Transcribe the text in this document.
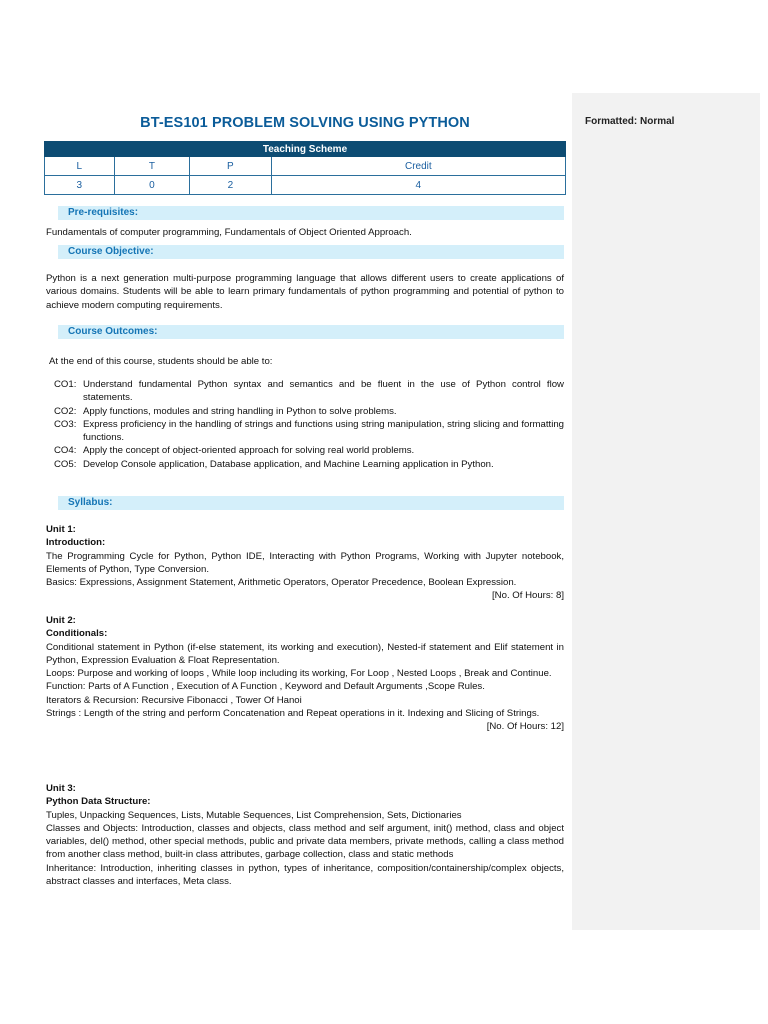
Formatted: Normal
BT-ES101 PROBLEM SOLVING USING PYTHON
Teaching Scheme			
L	T	P	Credit
3	0	2	4
Pre-requisites:
Fundamentals of computer programming, Fundamentals of Object Oriented Approach.
Course Objective:
Python is a next generation multi-purpose programming language that allows different users to create applications of various domains. Students will be able to learn primary fundamentals of python programming and potential of python to achieve modern computing requirements.
Course Outcomes:
At the end of this course, students should be able to:
CO1: Understand fundamental Python syntax and semantics and be fluent in the use of Python control flow statements.
CO2: Apply functions, modules and string handling in Python to solve problems.
CO3: Express proficiency in the handling of strings and functions using string manipulation, string slicing and formatting functions.
CO4: Apply the concept of object-oriented approach for solving real world problems.
CO5: Develop Console application, Database application, and Machine Learning application in Python.
Syllabus:
Unit 1:
Introduction:
The Programming Cycle for Python, Python IDE, Interacting with Python Programs, Working with Jupyter notebook, Elements of Python, Type Conversion.
Basics: Expressions, Assignment Statement, Arithmetic Operators, Operator Precedence, Boolean Expression.
[No. Of Hours: 8]
Unit 2:
Conditionals:
Conditional statement in Python (if-else statement, its working and execution), Nested-if statement and Elif statement in Python, Expression Evaluation & Float Representation.
Loops: Purpose and working of loops , While loop including its working, For Loop , Nested Loops , Break and Continue.
Function: Parts of A Function , Execution of A Function , Keyword and Default Arguments ,Scope Rules.
Iterators & Recursion: Recursive Fibonacci , Tower Of Hanoi
Strings : Length of the string and perform Concatenation and Repeat operations in it. Indexing and Slicing of Strings.
[No. Of Hours: 12]
Unit 3:
Python Data Structure:
Tuples, Unpacking Sequences, Lists, Mutable Sequences, List Comprehension, Sets, Dictionaries
Classes and Objects: Introduction, classes and objects, class method and self argument, init() method, class and object variables, del() method, other special methods, public and private data members, private methods, calling a class method from another class method, built-in class attributes, garbage collection, class and static methods
Inheritance: Introduction, inheriting classes in python, types of inheritance, composition/containership/complex objects, abstract classes and interfaces, Meta class.
